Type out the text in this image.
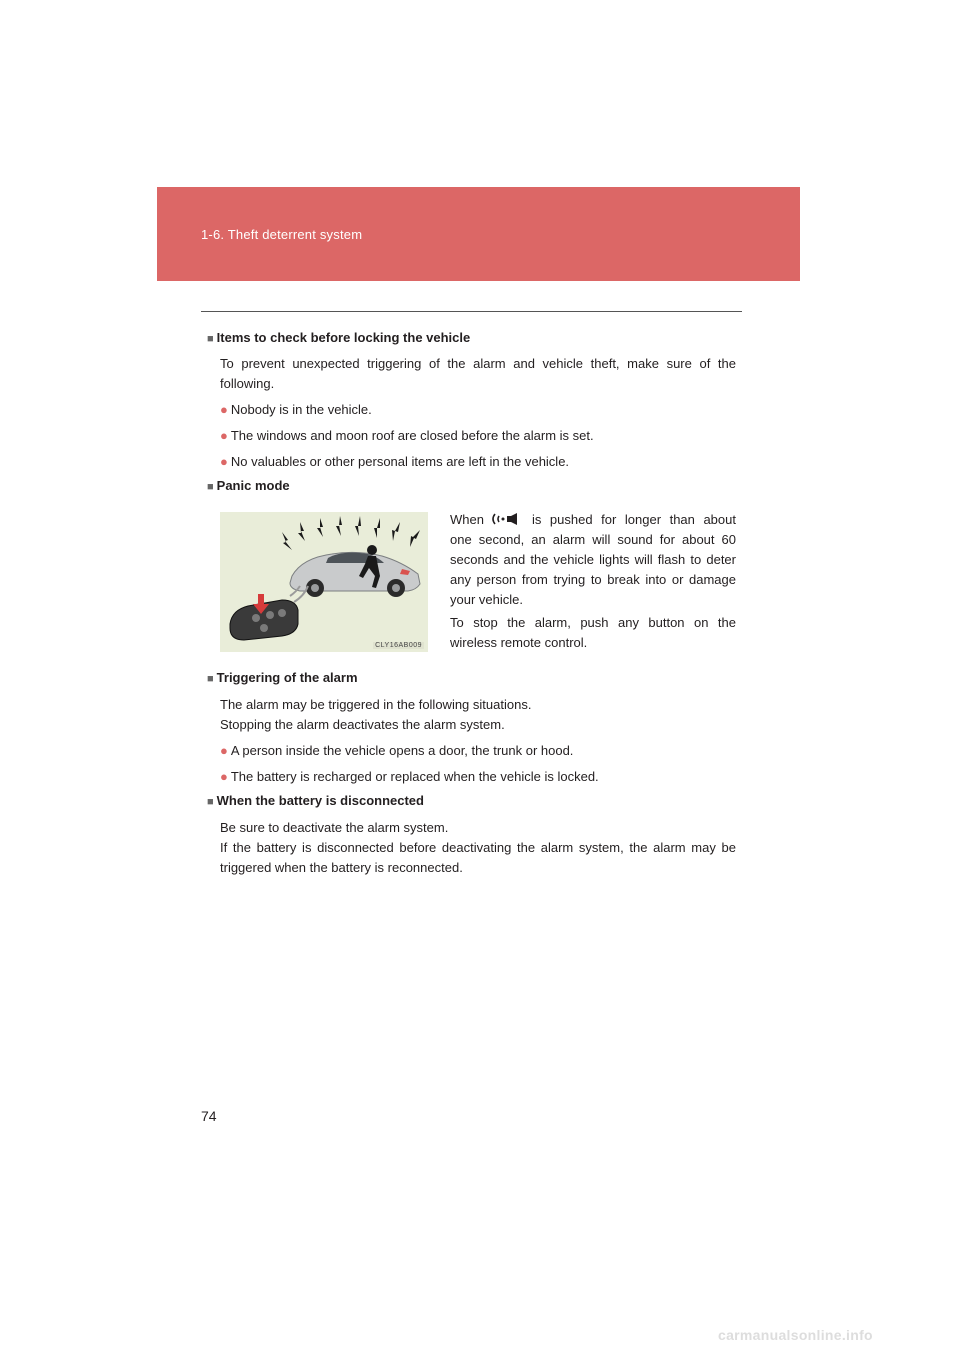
1-6. Theft deterrent system
■ Items to check before locking the vehicle
To prevent unexpected triggering of the alarm and vehicle theft, make sure of the following.
● Nobody is in the vehicle.
● The windows and moon roof are closed before the alarm is set.
● No valuables or other personal items are left in the vehicle.
■ Panic mode
CLY16AB009
When	is pushed for longer than about one second, an alarm will sound for about 60 seconds and the vehicle lights will flash to deter any person from trying to break into or damage your vehicle.
To stop the alarm, push any button on the wireless remote control.
■ Triggering of the alarm
The alarm may be triggered in the following situations.
Stopping the alarm deactivates the alarm system.
● A person inside the vehicle opens a door, the trunk or hood.
● The battery is recharged or replaced when the vehicle is locked.
■ When the battery is disconnected
Be sure to deactivate the alarm system.
If the battery is disconnected before deactivating the alarm system, the alarm may be triggered when the battery is reconnected.
74
carmanualsonline.info
